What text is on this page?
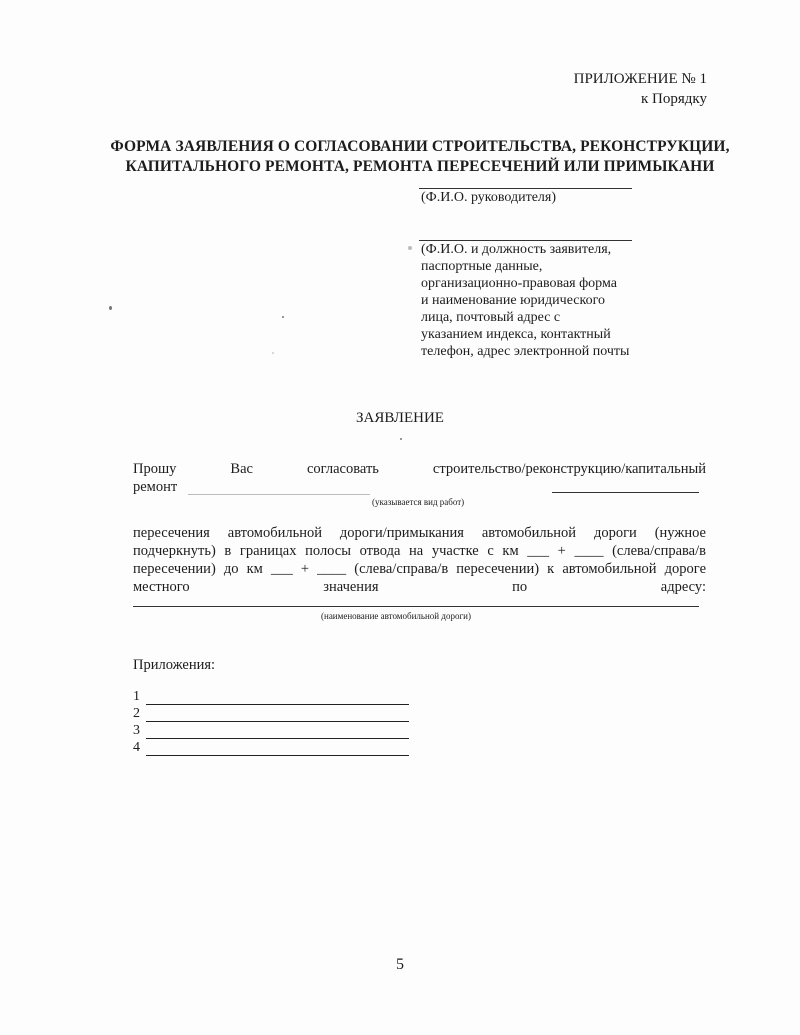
ПРИЛОЖЕНИЕ № 1
к Порядку
ФОРМА ЗАЯВЛЕНИЯ О СОГЛАСОВАНИИ СТРОИТЕЛЬСТВА, РЕКОНСТРУКЦИИ,
КАПИТАЛЬНОГО РЕМОНТА, РЕМОНТА ПЕРЕСЕЧЕНИЙ ИЛИ ПРИМЫКАНИ
(Ф.И.О. руководителя)
(Ф.И.О. и должность заявителя,
паспортные данные,
организационно-правовая форма
и наименование юридического
лица, почтовый адрес с
указанием индекса, контактный
телефон, адрес электронной почты
ЗАЯВЛЕНИЕ
Прошу	Вас	согласовать	строительство/реконструкцию/капитальный
ремонт
(указывается вид работ)
пересечения автомобильной дороги/примыкания автомобильной дороги (нужное
подчеркнуть) в границах полосы отвода на участке с км ___ + ____ (слева/справа/в
пересечении) до км ___ + ____ (слева/справа/в пересечении) к автомобильной дороге
местного	значения	по	адресу:
(наименование автомобильной дороги)
Приложения:
1
2
3
4
5
